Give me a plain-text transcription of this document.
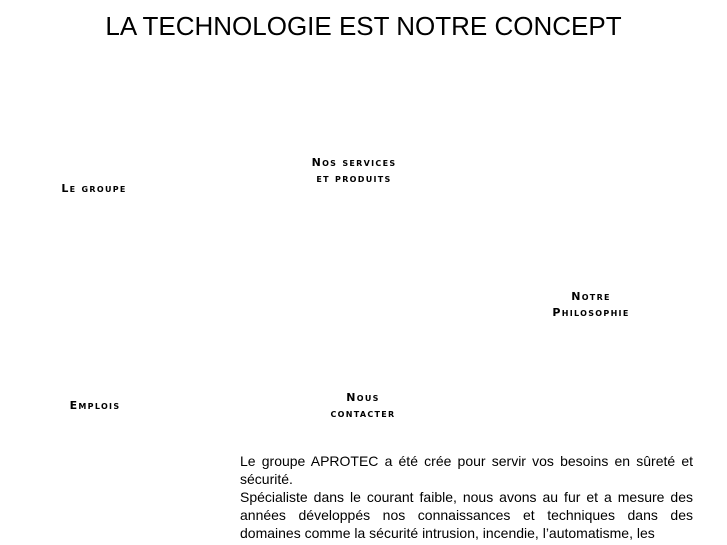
LA TECHNOLOGIE EST NOTRE CONCEPT
Le groupe
Nos services
et produits
Notre
Philosophie
Emplois
Nous
contacter

Le groupe APROTEC a été crée pour servir vos besoins en sûreté et sécurité.

Spécialiste dans le courant faible, nous avons au fur et a mesure des années développés nos connaissances et techniques dans des domaines comme la sécurité intrusion, incendie, l’automatisme, les
